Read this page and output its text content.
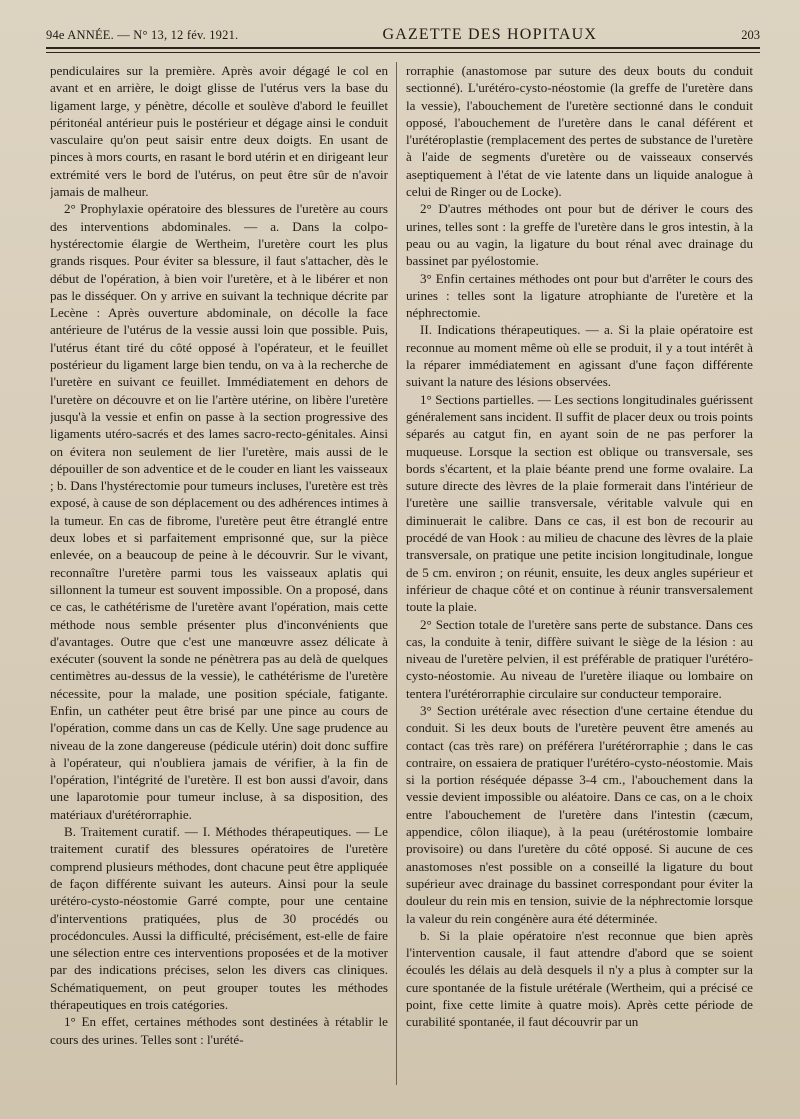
94e ANNÉE. — N° 13, 12 fév. 1921.	GAZETTE DES HOPITAUX	203

pendiculaires sur la première. Après avoir dégagé le col en avant et en arrière, le doigt glisse de l'utérus vers la base du ligament large, y pénètre, décolle et soulève d'abord le feuillet péritonéal antérieur puis le postérieur et dégage ainsi le conduit vasculaire qu'on peut saisir entre deux doigts. En usant de pinces à mors courts, en rasant le bord utérin et en dirigeant leur extrémité vers le bord de l'utérus, on peut être sûr de n'avoir jamais de malheur.

2° Prophylaxie opératoire des blessures de l'uretère au cours des interventions abdominales. — a. Dans la colpo-hystérectomie élargie de Wertheim, l'uretère court les plus grands risques. Pour éviter sa blessure, il faut s'attacher, dès le début de l'opération, à bien voir l'uretère, et à le libérer et non pas le disséquer. On y arrive en suivant la technique décrite par Lecène : Après ouverture abdominale, on décolle la face antérieure de l'utérus de la vessie aussi loin que possible. Puis, l'utérus étant tiré du côté opposé à l'opérateur, et le feuillet postérieur du ligament large bien tendu, on va à la recherche de l'uretère en suivant ce feuillet. Immédiatement en dehors de l'uretère on découvre et on lie l'artère utérine, on libère l'uretère jusqu'à la vessie et enfin on passe à la section progressive des ligaments utéro-sacrés et des lames sacro-recto-génitales. Ainsi on évitera non seulement de lier l'uretère, mais aussi de le dépouiller de son adventice et de le couder en liant les vaisseaux ; b. Dans l'hystérectomie pour tumeurs incluses, l'uretère est très exposé, à cause de son déplacement ou des adhérences intimes à la tumeur. En cas de fibrome, l'uretère peut être étranglé entre deux lobes et si parfaitement emprisonné que, sur la pièce enlevée, on a beaucoup de peine à le découvrir. Sur le vivant, reconnaître l'uretère parmi tous les vaisseaux aplatis qui sillonnent la tumeur est souvent impossible. On a proposé, dans ce cas, le cathétérisme de l'uretère avant l'opération, mais cette méthode nous semble présenter plus d'inconvénients que d'avantages. Outre que c'est une manœuvre assez délicate à exécuter (souvent la sonde ne pénètrera pas au delà de quelques centimètres au-dessus de la vessie), le cathétérisme de l'uretère nécessite, pour la malade, une position spéciale, fatigante. Enfin, un cathéter peut être brisé par une pince au cours de l'opération, comme dans un cas de Kelly. Une sage prudence au niveau de la zone dangereuse (pédicule utérin) doit donc suffire à l'opérateur, qui n'oubliera jamais de vérifier, à la fin de l'opération, l'intégrité de l'uretère. Il est bon aussi d'avoir, dans une laparotomie pour tumeur incluse, à sa disposition, des matériaux d'urétérorraphie.

B. Traitement curatif. — I. Méthodes thérapeutiques. — Le traitement curatif des blessures opératoires de l'uretère comprend plusieurs méthodes, dont chacune peut être appliquée de façon différente suivant les auteurs. Ainsi pour la seule urétéro-cysto-néostomie Garré compte, pour une centaine d'interventions pratiquées, plus de 30 procédés ou procédoncules. Aussi la difficulté, précisément, est-elle de faire une sélection entre ces interventions proposées et de la motiver par des indications précises, selon les divers cas cliniques. Schématiquement, on peut grouper toutes les méthodes thérapeutiques en trois catégories.

1° En effet, certaines méthodes sont destinées à rétablir le cours des urines. Telles sont : l'urété-

rorraphie (anastomose par suture des deux bouts du conduit sectionné). L'urétéro-cysto-néostomie (la greffe de l'uretère dans la vessie), l'abouchement de l'uretère sectionné dans le conduit opposé, l'abouchement de l'uretère dans le canal déférent et l'urétéroplastie (remplacement des pertes de substance de l'uretère à l'aide de segments d'uretère ou de vaisseaux conservés aseptiquement à l'état de vie latente dans un liquide analogue à celui de Ringer ou de Locke).

2° D'autres méthodes ont pour but de dériver le cours des urines, telles sont : la greffe de l'uretère dans le gros intestin, à la peau ou au vagin, la ligature du bout rénal avec drainage du bassinet par pyélostomie.

3° Enfin certaines méthodes ont pour but d'arrêter le cours des urines : telles sont la ligature atrophiante de l'uretère et la néphrectomie.

II. Indications thérapeutiques. — a. Si la plaie opératoire est reconnue au moment même où elle se produit, il y a tout intérêt à la réparer immédiatement en agissant d'une façon différente suivant la nature des lésions observées.

1° Sections partielles. — Les sections longitudinales guérissent généralement sans incident. Il suffit de placer deux ou trois points séparés au catgut fin, en ayant soin de ne pas perforer la muqueuse. Lorsque la section est oblique ou transversale, ses bords s'écartent, et la plaie béante prend une forme ovalaire. La suture directe des lèvres de la plaie formerait dans l'intérieur de l'uretère une saillie transversale, véritable valvule qui en diminuerait le calibre. Dans ce cas, il est bon de recourir au procédé de van Hook : au milieu de chacune des lèvres de la plaie transversale, on pratique une petite incision longitudinale, longue de 5 cm. environ ; on réunit, ensuite, les deux angles supérieur et inférieur de chaque côté et on continue à réunir transversalement toute la plaie.

2° Section totale de l'uretère sans perte de substance. Dans ces cas, la conduite à tenir, diffère suivant le siège de la lésion : au niveau de l'uretère pelvien, il est préférable de pratiquer l'urétéro-cysto-néostomie. Au niveau de l'uretère iliaque ou lombaire on tentera l'urétérorraphie circulaire sur conducteur temporaire.

3° Section urétérale avec résection d'une certaine étendue du conduit. Si les deux bouts de l'uretère peuvent être amenés au contact (cas très rare) on préférera l'urétérorraphie ; dans le cas contraire, on essaiera de pratiquer l'urétéro-cysto-néostomie. Mais si la portion réséquée dépasse 3-4 cm., l'abouchement dans la vessie devient impossible ou aléatoire. Dans ce cas, on a le choix entre l'abouchement de l'uretère dans l'intestin (cæcum, appendice, côlon iliaque), à la peau (urétérostomie lombaire provisoire) ou dans l'uretère du côté opposé. Si aucune de ces anastomoses n'est possible on a conseillé la ligature du bout supérieur avec drainage du bassinet correspondant pour éviter la douleur du rein mis en tension, suivie de la néphrectomie lorsque la valeur du rein congénère aura été déterminée.

b. Si la plaie opératoire n'est reconnue que bien après l'intervention causale, il faut attendre d'abord que se soient écoulés les délais au delà desquels il n'y a plus à compter sur la cure spontanée de la fistule urétérale (Wertheim, qui a précisé ce point, fixe cette limite à quatre mois). Après cette période de curabilité spontanée, il faut découvrir par un
